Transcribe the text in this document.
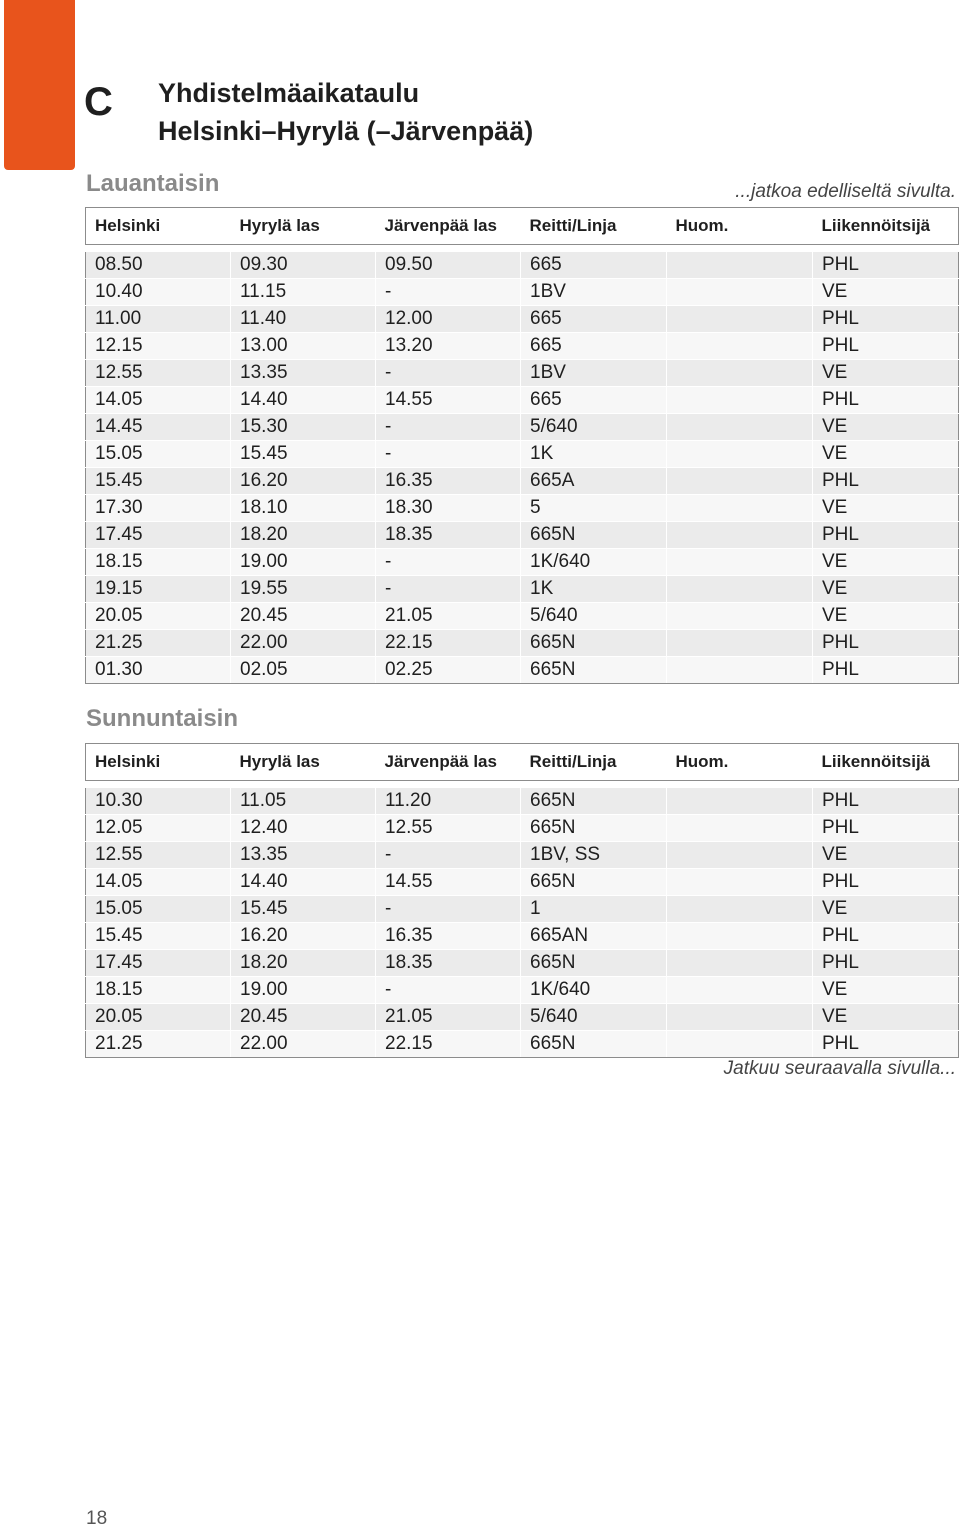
C Yhdistelmäaikataulu
Helsinki–Hyrylä (–Järvenpää)
Lauantaisin	...jatkoa edelliseltä sivulta.
Helsinki	Hyrylä las	Järvenpää las	Reitti/Linja	Huom.	Liikennöitsijä

08.50	09.30	09.50	665		PHL
10.40	11.15	-	1BV		VE
11.00	11.40	12.00	665		PHL
12.15	13.00	13.20	665		PHL
12.55	13.35	-	1BV		VE
14.05	14.40	14.55	665		PHL
14.45	15.30	-	5/640		VE
15.05	15.45	-	1K		VE
15.45	16.20	16.35	665A		PHL
17.30	18.10	18.30	5		VE
17.45	18.20	18.35	665N		PHL
18.15	19.00	-	1K/640		VE
19.15	19.55	-	1K		VE
20.05	20.45	21.05	5/640		VE
21.25	22.00	22.15	665N		PHL
01.30	02.05	02.25	665N		PHL
Sunnuntaisin
Helsinki	Hyrylä las	Järvenpää las	Reitti/Linja	Huom.	Liikennöitsijä

10.30	11.05	11.20	665N		PHL
12.05	12.40	12.55	665N		PHL
12.55	13.35	-	1BV, SS		VE
14.05	14.40	14.55	665N		PHL
15.05	15.45	-	1		VE
15.45	16.20	16.35	665AN		PHL
17.45	18.20	18.35	665N		PHL
18.15	19.00	-	1K/640		VE
20.05	20.45	21.05	5/640		VE
21.25	22.00	22.15	665N		PHL
Jatkuu seuraavalla sivulla...
18
